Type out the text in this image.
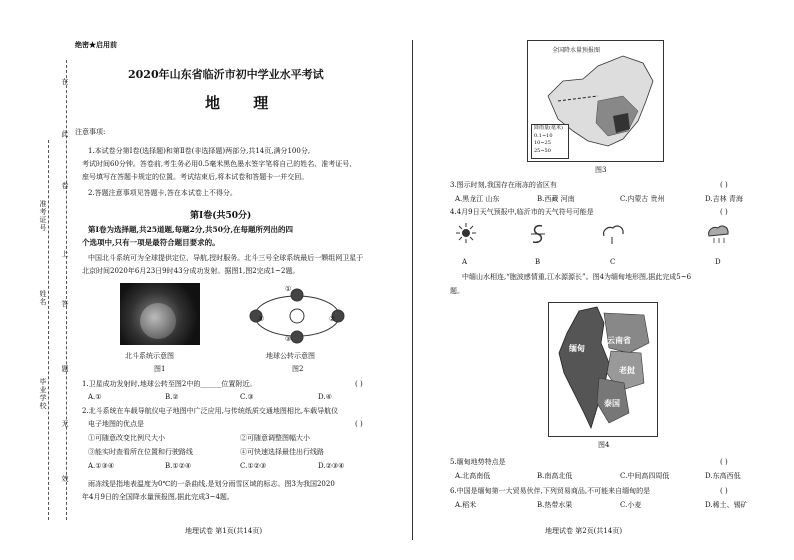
绝密★启用前
在
此
卷
上
答
题
无
效
准考证号
姓名
毕业学校
2020年山东省临沂市初中学业水平考试
地 理
注意事项:
1.本试卷分第Ⅰ卷(选择题)和第Ⅱ卷(非选择题)两部分,共14页,满分100分,
考试时间60分钟。答卷前,考生务必用0.5毫米黑色墨水签字笔将自己的姓名、准考证号、
座号填写在答题卡规定的位置。考试结束后,将本试卷和答题卡一并交回。
2.答题注意事项见答题卡,答在本试卷上不得分。
第Ⅰ卷(共50分)
第Ⅰ卷为选择题,共25道题,每题2分,共50分,在每题所列出的四
个选项中,只有一项是最符合题目要求的。
中国北斗系统可为全球提供定位、导航,授时服务。北斗三号全球系统最后一颗组网卫星于
北京时间2020年6月23日9时43分成功发射。据图1,图2完成1~2题。
北斗系统示意图
图1
①
②
③
④
地球公转示意图
图2
1.卫星成功发射时,地球公转至图2中的______位置附近。	( )
A.①	B.②	C.③	D.④
2.北斗系统在车载导航仪电子地图中广泛应用,与传统纸质交通地图相比,车载导航仪
电子地图的优点是	( )
①可随意改变比例尺大小	②可随意调整图幅大小
③能实时查看所在位置和行驶路线	④可快速选择最佳出行线路
A.①③④	B.①②④	C.①②③	D.②③④
雨冻线是指地表温度为0℃的一条曲线,是划分雨雪区域的标志。图3为我国2020
年4月9日的全国降水量预报图,据此完成3~4题。
地理试卷 第1页(共14页)
全国降水量预报图
降雨量(毫米)
0.1~10
10~25
25~50
图3
3.图示时刻,我国存在雨冻的省区有	( )
A.黑龙江 山东	B.西藏 河南	C.内蒙古 贵州	D.吉林 青海
4.4月9日天气预报中,临沂市的天气符号可能是	( )
A	B	C	D
中缅山水相连,“胞波感情重,江水源源长”。图4为缅甸地形图,据此完成5~6
题。
缅甸
云南省
老挝
泰国
图4
5.缅甸地势特点是	( )
A.北高南低	B.南高北低	C.中间高四周低	D.东高西低
6.中国是缅甸第一大贸易伙伴,下列贸易商品,不可能来自缅甸的是	( )
A.稻米	B.热带水果	C.小麦	D.稀土、锡矿
地理试卷 第2页(共14页)
